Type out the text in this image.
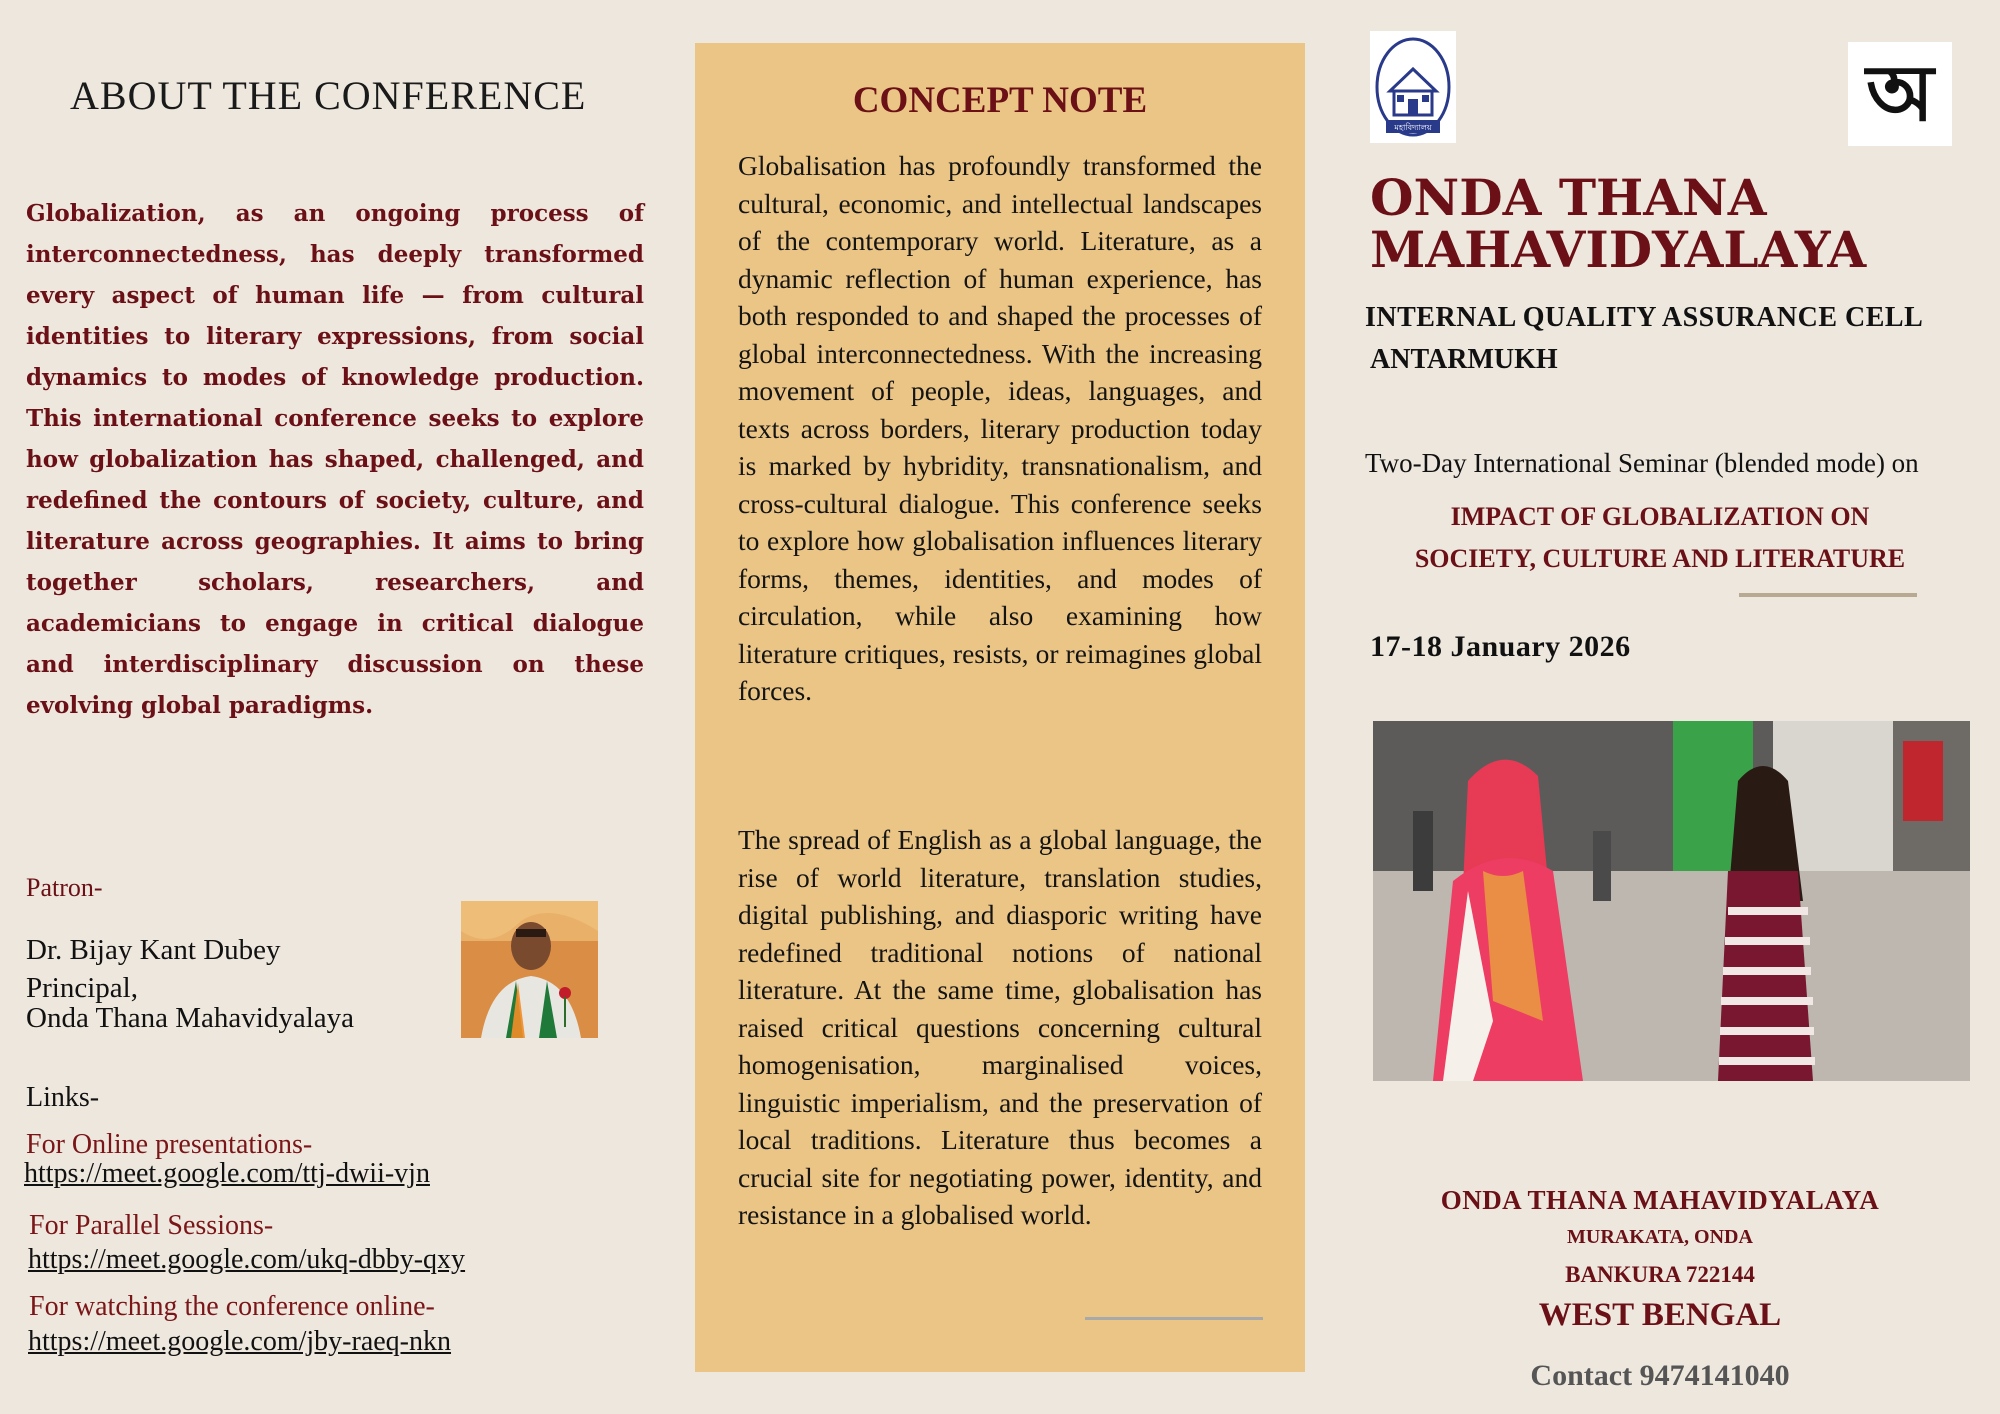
ABOUT THE CONFERENCE

Globalization, as an ongoing process of interconnectedness, has deeply transformed every aspect of human life — from cultural identities to literary expressions, from social dynamics to modes of knowledge production. This international conference seeks to explore how globalization has shaped, challenged, and redefined the contours of society, culture, and literature across geographies. It aims to bring together scholars, researchers, and academicians to engage in critical dialogue and interdisciplinary discussion on these evolving global paradigms.

Patron-
Dr. Bijay Kant Dubey
Principal,
Onda Thana Mahavidyalaya
Links-
For Online presentations-
https://meet.google.com/ttj-dwii-vjn
For Parallel Sessions-
https://meet.google.com/ukq-dbby-qxy
For watching the conference online-
https://meet.google.com/jby-raeq-nkn
CONCEPT NOTE

Globalisation has profoundly transformed the cultural, economic, and intellectual landscapes of the contemporary world. Literature, as a dynamic reflection of human experience, has both responded to and shaped the processes of global interconnectedness. With the increasing movement of people, ideas, languages, and texts across borders, literary production today is marked by hybridity, transnationalism, and cross-cultural dialogue. This conference seeks to explore how globalisation influences literary forms, themes, identities, and modes of circulation, while also examining how literature critiques, resists, or reimagines global forces.

The spread of English as a global language, the rise of world literature, translation studies, digital publishing, and diasporic writing have redefined traditional notions of national literature. At the same time, globalisation has raised critical questions concerning cultural homogenisation, marginalised voices, linguistic imperialism, and the preservation of local traditions. Literature thus becomes a crucial site for negotiating power, identity, and resistance in a globalised world.

মহাবিদ্যালয়	অ
ONDA THANA
MAHAVIDYALAYA
INTERNAL QUALITY ASSURANCE CELL
ANTARMUKH
Two-Day International Seminar (blended mode) on
IMPACT OF GLOBALIZATION ON
SOCIETY, CULTURE AND LITERATURE
17-18 January 2026
ONDA THANA MAHAVIDYALAYA
MURAKATA, ONDA
BANKURA 722144
WEST BENGAL
Contact 9474141040
